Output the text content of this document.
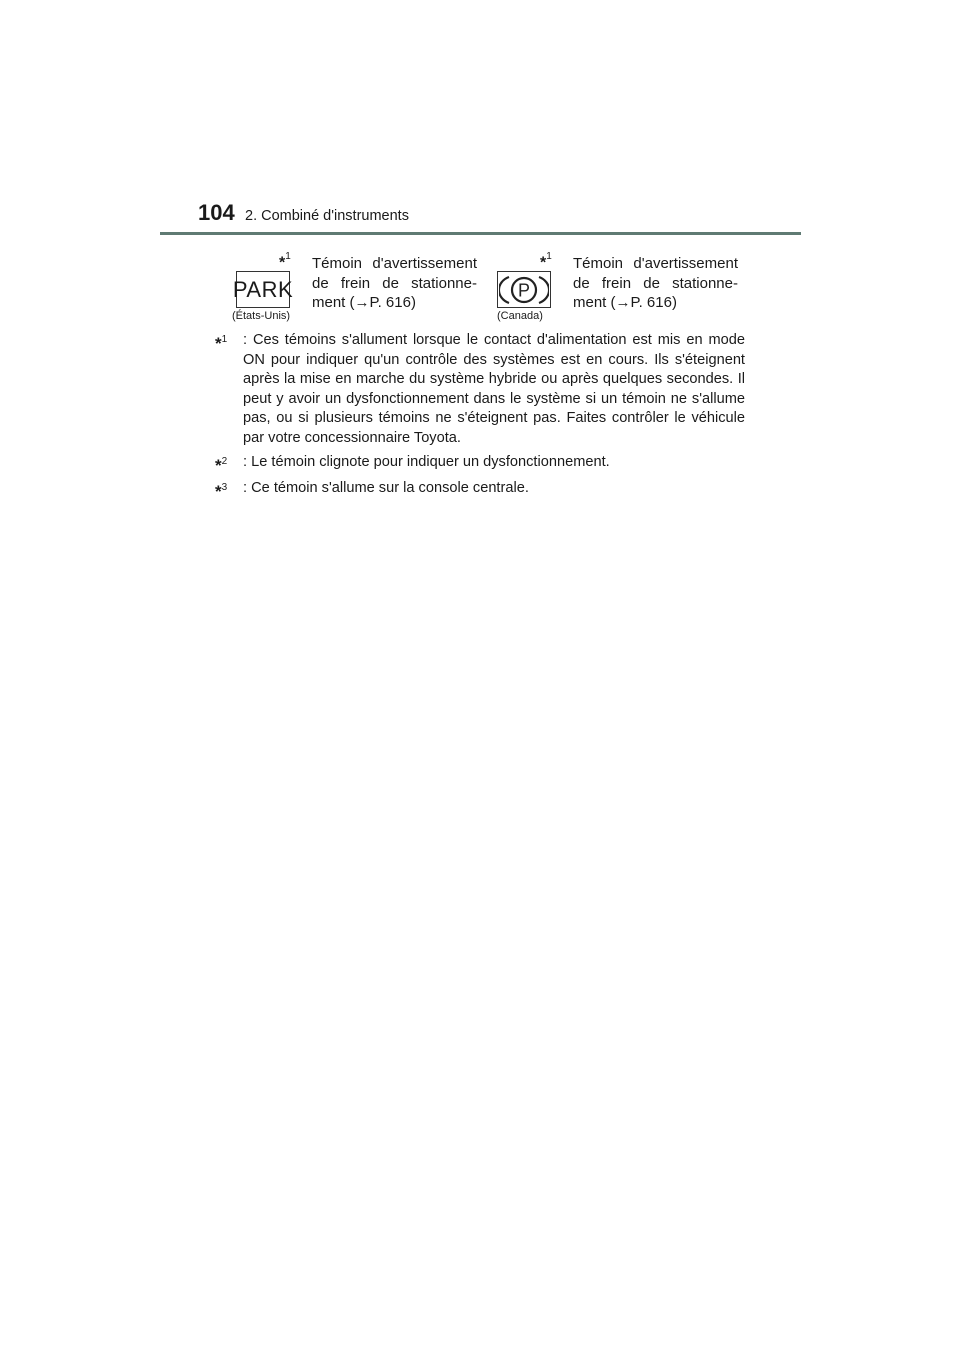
104 2. Combiné d'instruments
*$^1$
PARK
(États-Unis)
Témoin d'avertissement de frein de stationne-ment (→P. 616)
*$^1$
P
(Canada)
Témoin d'avertissement de frein de stationne-ment (→P. 616)
*$^1$ : Ces témoins s'allument lorsque le contact d'alimentation est mis en mode ON pour indiquer qu'un contrôle des systèmes est en cours. Ils s'éteignent après la mise en marche du système hybride ou après quelques secondes. Il peut y avoir un dysfonctionnement dans le système si un témoin ne s'allume pas, ou si plusieurs témoins ne s'éteignent pas. Faites contrôler le véhicule par votre concessionnaire Toyota.
*$^2$ : Le témoin clignote pour indiquer un dysfonctionnement.
*$^3$ : Ce témoin s'allume sur la console centrale.
